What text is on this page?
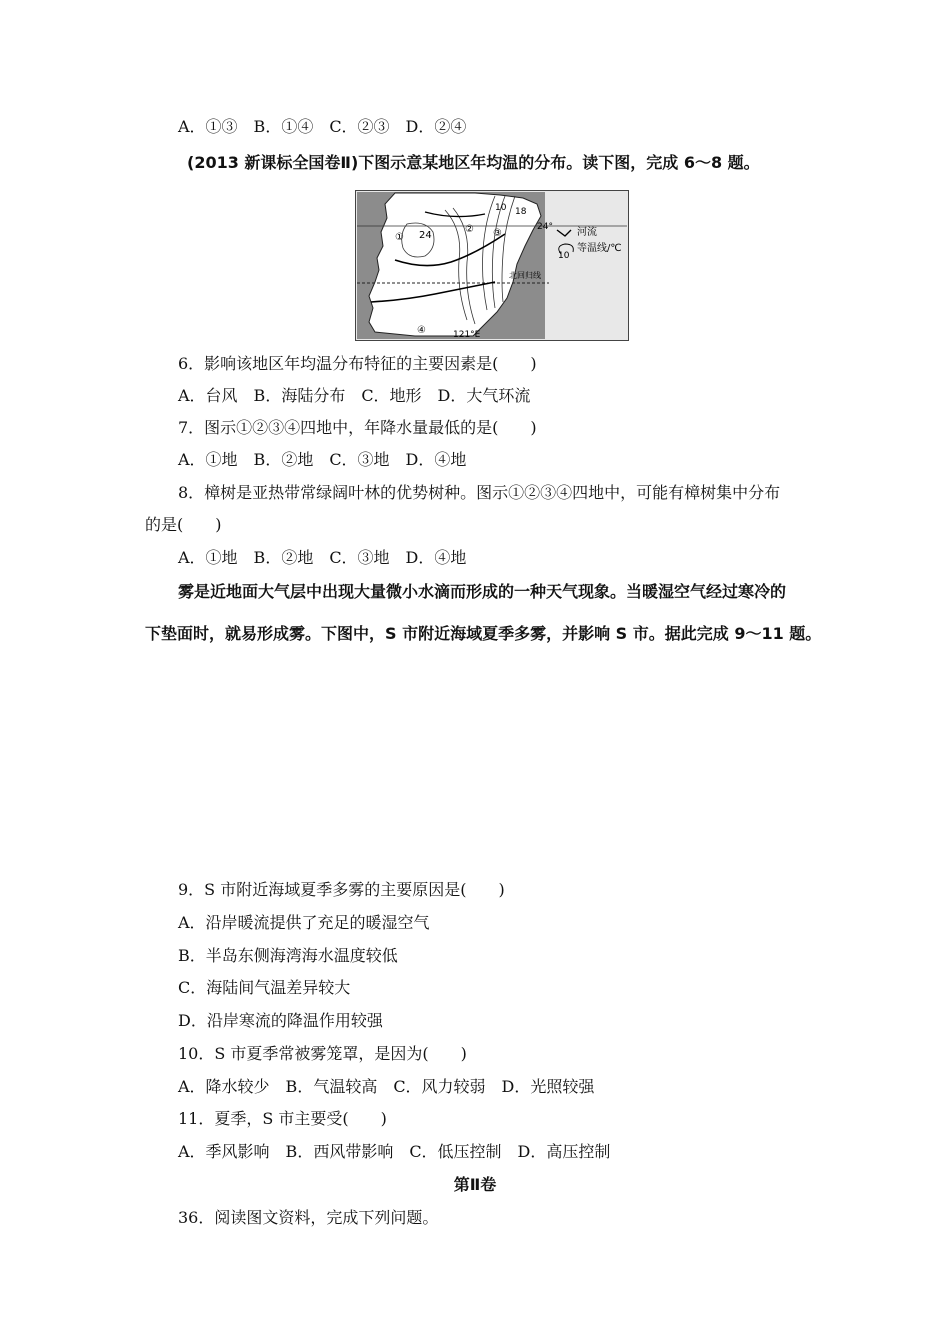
A．①③　B．①④　C．②③　D．②④
(2013 新课标全国卷Ⅱ)下图示意某地区年均温的分布。读下图，完成 6～8 题。
① 24
② ③
18
10
24°
北回归线
④	121°E
河流
10
等温线/℃
6．影响该地区年均温分布特征的主要因素是(　　)
A．台风　B．海陆分布　C．地形　D．大气环流
7．图示①②③④四地中，年降水量最低的是(　　)
A．①地　B．②地　C．③地　D．④地
8．樟树是亚热带常绿阔叶林的优势树种。图示①②③④四地中，可能有樟树集中分布
的是(　　)
A．①地　B．②地　C．③地　D．④地
雾是近地面大气层中出现大量微小水滴而形成的一种天气现象。当暖湿空气经过寒冷的
下垫面时，就易形成雾。下图中，S 市附近海域夏季多雾，并影响 S 市。据此完成 9～11 题。
9．S 市附近海域夏季多雾的主要原因是(　　)
A．沿岸暖流提供了充足的暖湿空气
B．半岛东侧海湾海水温度较低
C．海陆间气温差异较大
D．沿岸寒流的降温作用较强
10．S 市夏季常被雾笼罩，是因为(　　)
A．降水较少　B．气温较高　C．风力较弱　D．光照较强
11．夏季，S 市主要受(　　)
A．季风影响　B．西风带影响　C．低压控制　D．高压控制
第Ⅱ卷
36．阅读图文资料，完成下列问题。
